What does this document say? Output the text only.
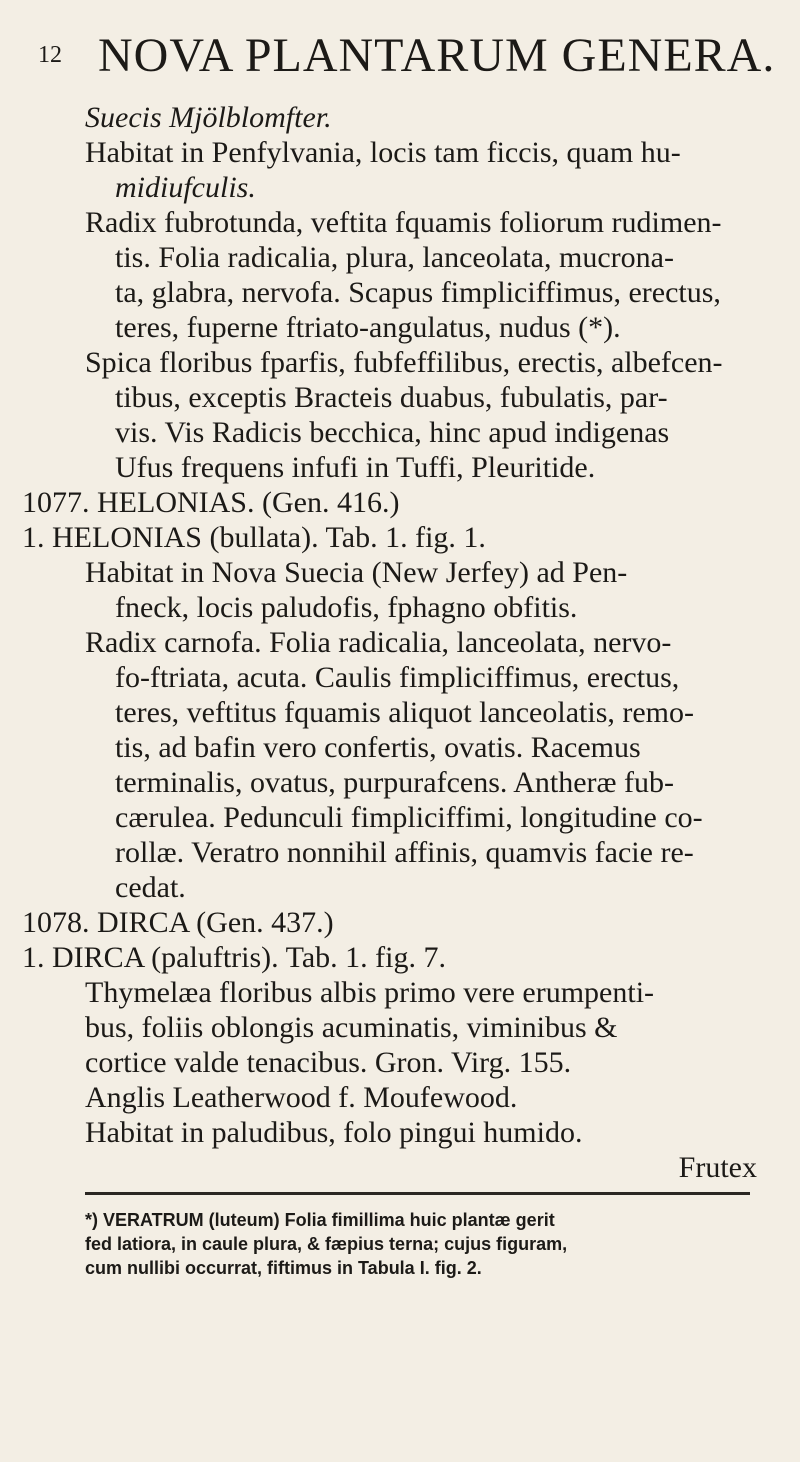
12 NOVA PLANTARUM GENERA.
Suecis Mjölblomfter.
Habitat in Penfylvania, locis tam ficcis, quam hu-
midiufculis.
Radix fubrotunda, veftita fquamis foliorum rudimen-
tis. Folia radicalia, plura, lanceolata, mucrona-
ta, glabra, nervofa. Scapus fimpliciffimus, erectus,
teres, fuperne ftriato-angulatus, nudus (*).
Spica floribus fparfis, fubfeffilibus, erectis, albefcen-
tibus, exceptis Bracteis duabus, fubulatis, par-
vis. Vis Radicis becchica, hinc apud indigenas
Ufus frequens infufi in Tuffi, Pleuritide.
1077. HELONIAS. (Gen. 416.)
1. HELONIAS (bullata). Tab. 1. fig. 1.
Habitat in Nova Suecia (New Jerfey) ad Pen-
fneck, locis paludofis, fphagno obfitis.
Radix carnofa. Folia radicalia, lanceolata, nervo-
fo-ftriata, acuta. Caulis fimpliciffimus, erectus,
teres, veftitus fquamis aliquot lanceolatis, remo-
tis, ad bafin vero confertis, ovatis. Racemus
terminalis, ovatus, purpurafcens. Antheræ fub-
cærulea. Pedunculi fimpliciffimi, longitudine co-
rollæ. Veratro nonnihil affinis, quamvis facie re-
cedat.
1078. DIRCA (Gen. 437.)
1. DIRCA (paluftris). Tab. 1. fig. 7.
Thymelæa floribus albis primo vere erumpenti-
bus, foliis oblongis acuminatis, viminibus &
cortice valde tenacibus. Gron. Virg. 155.
Anglis Leatherwood f. Moufewood.
Habitat in paludibus, folo pingui humido.
Frutex
*) VERATRUM (luteum) Folia fimillima huic plantæ gerit
fed latiora, in caule plura, & fæpius terna; cujus figuram,
cum nullibi occurrat, fiftimus in Tabula I. fig. 2.
